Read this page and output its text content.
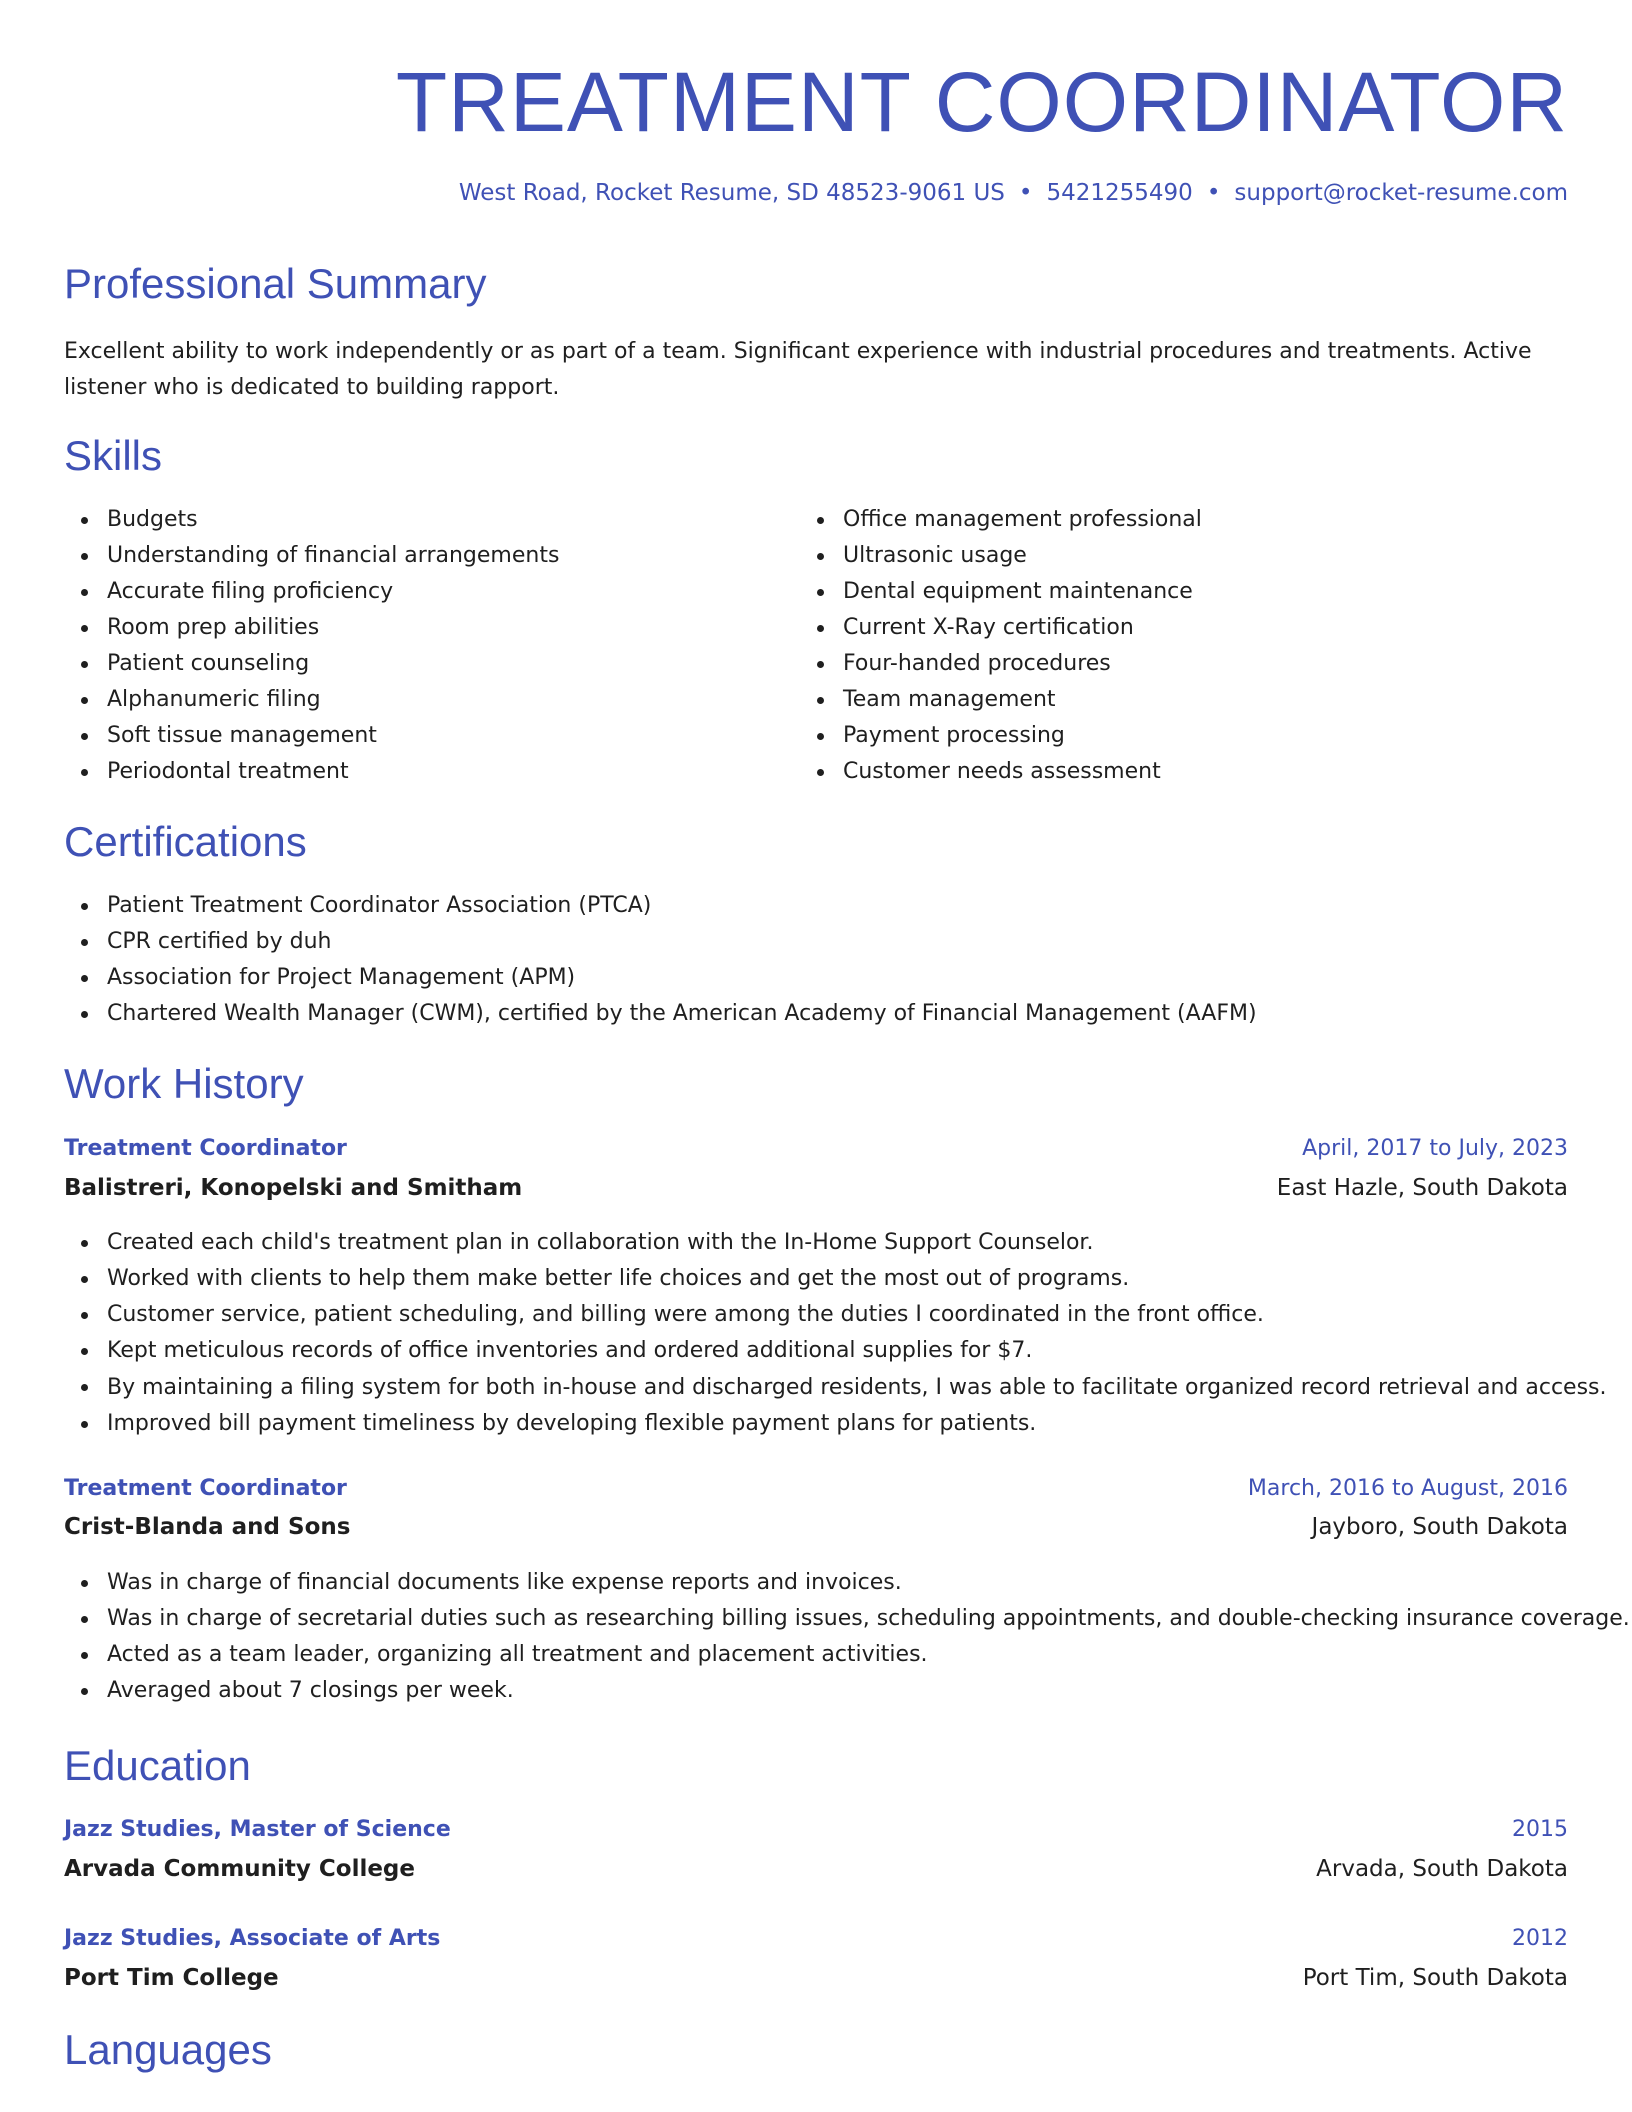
TREATMENT COORDINATOR
West Road, Rocket Resume, SD 48523-9061 US • 5421255490 • support@rocket-resume.com
Professional Summary

Excellent ability to work independently or as part of a team. Significant experience with industrial procedures and treatments. Active listener who is dedicated to building rapport.

Skills
Budgets
Understanding of financial arrangements
Accurate filing proficiency
Room prep abilities
Patient counseling
Alphanumeric filing
Soft tissue management
Periodontal treatment
Office management professional
Ultrasonic usage
Dental equipment maintenance
Current X-Ray certification
Four-handed procedures
Team management
Payment processing
Customer needs assessment
Certifications
Patient Treatment Coordinator Association (PTCA)
CPR certified by duh
Association for Project Management (APM)
Chartered Wealth Manager (CWM), certified by the American Academy of Financial Management (AAFM)
Work History
Treatment Coordinator	April, 2017 to July, 2023
Balistreri, Konopelski and Smitham	East Hazle, South Dakota
Created each child's treatment plan in collaboration with the In-Home Support Counselor.
Worked with clients to help them make better life choices and get the most out of programs.
Customer service, patient scheduling, and billing were among the duties I coordinated in the front office.
Kept meticulous records of office inventories and ordered additional supplies for $7.
By maintaining a filing system for both in-house and discharged residents, I was able to facilitate organized record retrieval and access.
Improved bill payment timeliness by developing flexible payment plans for patients.
Treatment Coordinator	March, 2016 to August, 2016
Crist-Blanda and Sons	Jayboro, South Dakota
Was in charge of financial documents like expense reports and invoices.
Was in charge of secretarial duties such as researching billing issues, scheduling appointments, and double-checking insurance coverage.
Acted as a team leader, organizing all treatment and placement activities.
Averaged about 7 closings per week.
Education
Jazz Studies, Master of Science	2015
Arvada Community College	Arvada, South Dakota
Jazz Studies, Associate of Arts	2012
Port Tim College	Port Tim, South Dakota
Languages
